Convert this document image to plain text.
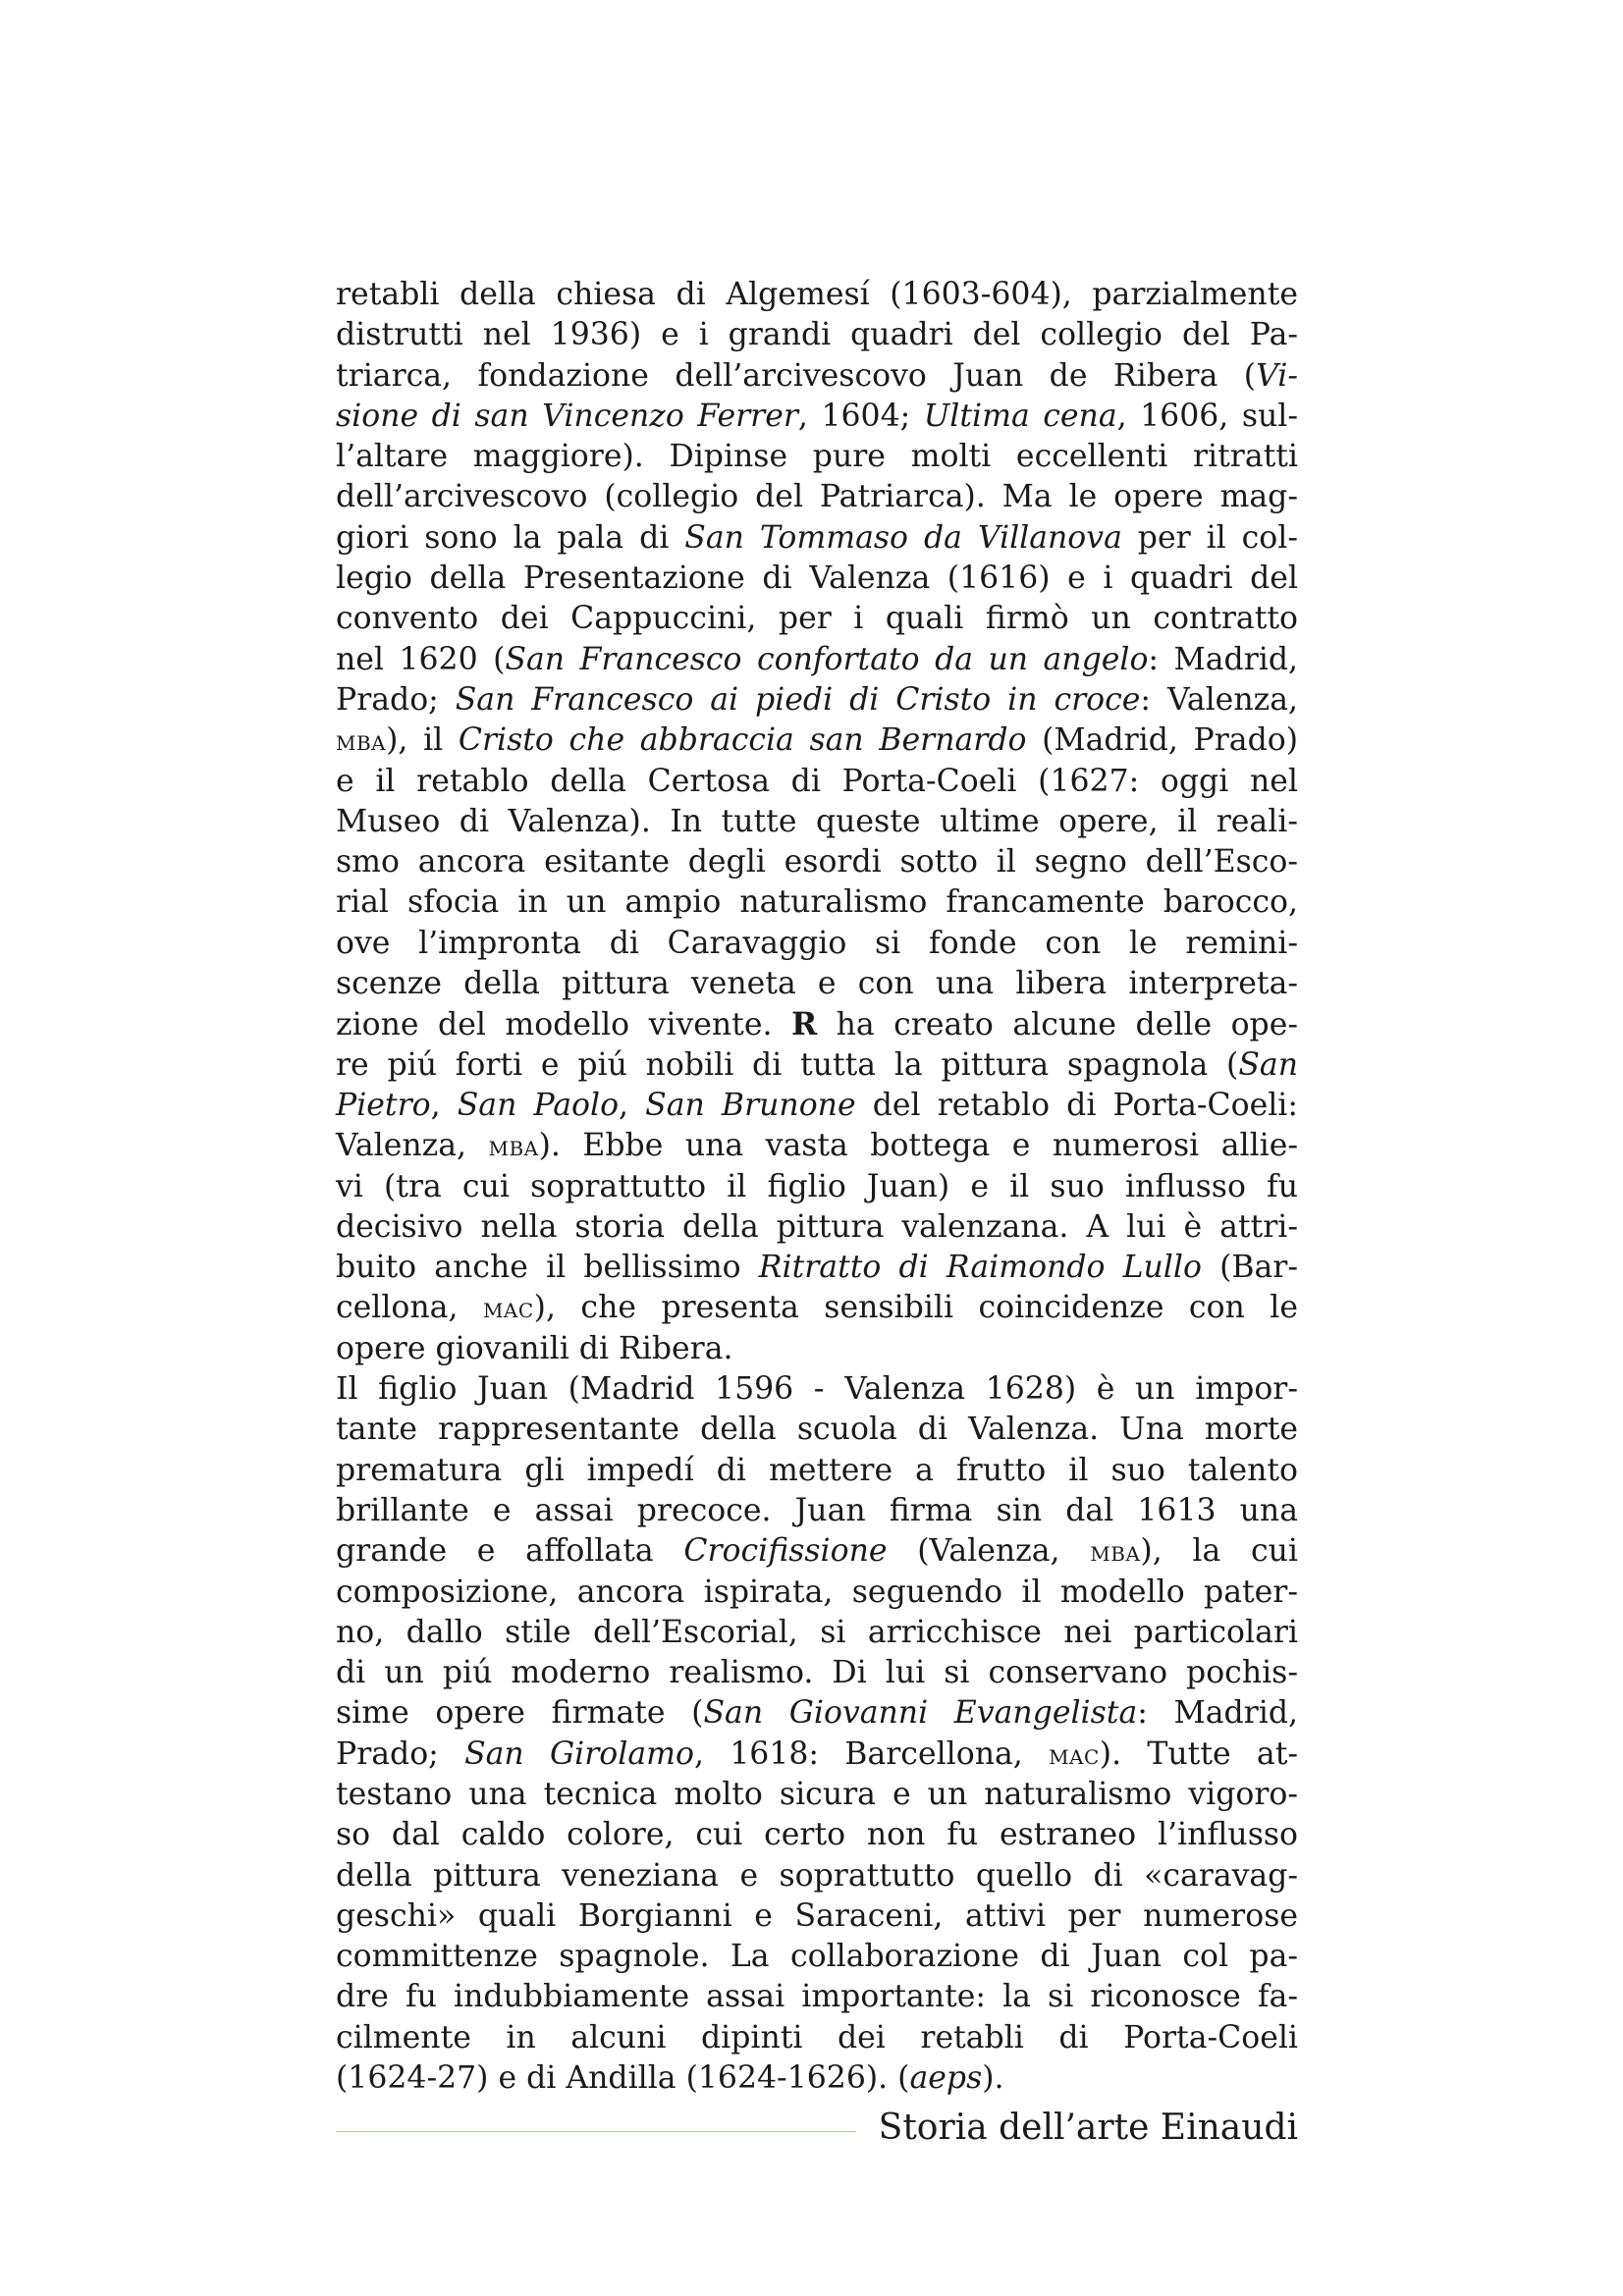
retabli della chiesa di Algemesí (1603-604), parzialmente
distrutti nel 1936) e i grandi quadri del collegio del Pa-
triarca, fondazione dell’arcivescovo Juan de Ribera (Vi-
sione di san Vincenzo Ferrer, 1604; Ultima cena, 1606, sul-
l’altare maggiore). Dipinse pure molti eccellenti ritratti
dell’arcivescovo (collegio del Patriarca). Ma le opere mag-
giori sono la pala di San Tommaso da Villanova per il col-
legio della Presentazione di Valenza (1616) e i quadri del
convento dei Cappuccini, per i quali firmò un contratto
nel 1620 (San Francesco confortato da un angelo: Madrid,
Prado; San Francesco ai piedi di Cristo in croce: Valenza,
mba), il Cristo che abbraccia san Bernardo (Madrid, Prado)
e il retablo della Certosa di Porta-Coeli (1627: oggi nel
Museo di Valenza). In tutte queste ultime opere, il reali-
smo ancora esitante degli esordi sotto il segno dell’Esco-
rial sfocia in un ampio naturalismo francamente barocco,
ove l’impronta di Caravaggio si fonde con le remini-
scenze della pittura veneta e con una libera interpreta-
zione del modello vivente. R ha creato alcune delle ope-
re piú forti e piú nobili di tutta la pittura spagnola (San
Pietro, San Paolo, San Brunone del retablo di Porta-Coeli:
Valenza, mba). Ebbe una vasta bottega e numerosi allie-
vi (tra cui soprattutto il figlio Juan) e il suo influsso fu
decisivo nella storia della pittura valenzana. A lui è attri-
buito anche il bellissimo Ritratto di Raimondo Lullo (Bar-
cellona, mac), che presenta sensibili coincidenze con le
opere giovanili di Ribera.
Il figlio Juan (Madrid 1596 - Valenza 1628) è un impor-
tante rappresentante della scuola di Valenza. Una morte
prematura gli impedí di mettere a frutto il suo talento
brillante e assai precoce. Juan firma sin dal 1613 una
grande e affollata Crocifissione (Valenza, mba), la cui
composizione, ancora ispirata, seguendo il modello pater-
no, dallo stile dell’Escorial, si arricchisce nei particolari
di un piú moderno realismo. Di lui si conservano pochis-
sime opere firmate (San Giovanni Evangelista: Madrid,
Prado; San Girolamo, 1618: Barcellona, mac). Tutte at-
testano una tecnica molto sicura e un naturalismo vigoro-
so dal caldo colore, cui certo non fu estraneo l’influsso
della pittura veneziana e soprattutto quello di «caravag-
geschi» quali Borgianni e Saraceni, attivi per numerose
committenze spagnole. La collaborazione di Juan col pa-
dre fu indubbiamente assai importante: la si riconosce fa-
cilmente in alcuni dipinti dei retabli di Porta-Coeli
(1624-27) e di Andilla (1624-1626). (aeps).
Storia dell’arte Einaudi
